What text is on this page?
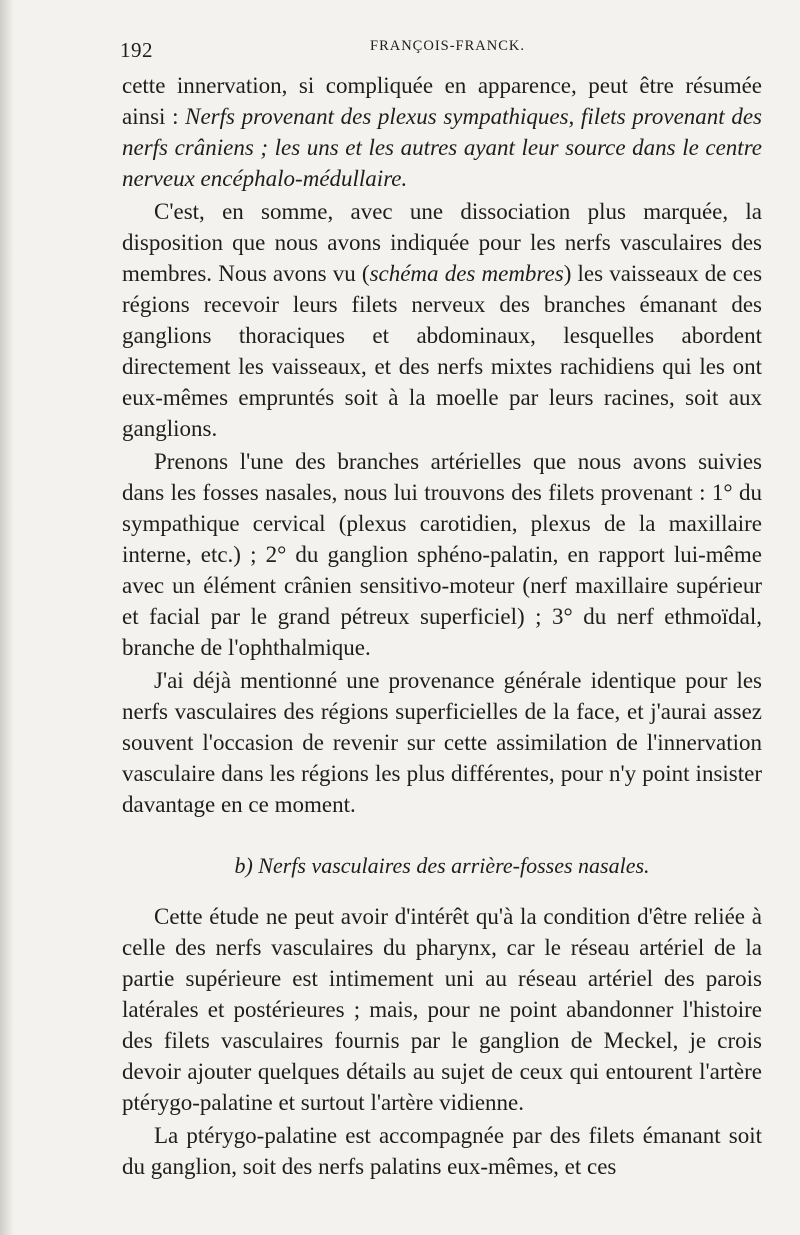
192	FRANÇOIS-FRANCK.

cette innervation, si compliquée en apparence, peut être résumée ainsi : Nerfs provenant des plexus sympathiques, filets provenant des nerfs crâniens ; les uns et les autres ayant leur source dans le centre nerveux encéphalo-médullaire.

C'est, en somme, avec une dissociation plus marquée, la disposition que nous avons indiquée pour les nerfs vasculaires des membres. Nous avons vu (schéma des membres) les vaisseaux de ces régions recevoir leurs filets nerveux des branches émanant des ganglions thoraciques et abdominaux, lesquelles abordent directement les vaisseaux, et des nerfs mixtes rachidiens qui les ont eux-mêmes empruntés soit à la moelle par leurs racines, soit aux ganglions.

Prenons l'une des branches artérielles que nous avons suivies dans les fosses nasales, nous lui trouvons des filets provenant : 1° du sympathique cervical (plexus carotidien, plexus de la maxillaire interne, etc.) ; 2° du ganglion sphéno-palatin, en rapport lui-même avec un élément crânien sensitivo-moteur (nerf maxillaire supérieur et facial par le grand pétreux superficiel) ; 3° du nerf ethmoïdal, branche de l'ophthalmique.

J'ai déjà mentionné une provenance générale identique pour les nerfs vasculaires des régions superficielles de la face, et j'aurai assez souvent l'occasion de revenir sur cette assimilation de l'innervation vasculaire dans les régions les plus différentes, pour n'y point insister davantage en ce moment.

b) Nerfs vasculaires des arrière-fosses nasales.

Cette étude ne peut avoir d'intérêt qu'à la condition d'être reliée à celle des nerfs vasculaires du pharynx, car le réseau artériel de la partie supérieure est intimement uni au réseau artériel des parois latérales et postérieures ; mais, pour ne point abandonner l'histoire des filets vasculaires fournis par le ganglion de Meckel, je crois devoir ajouter quelques détails au sujet de ceux qui entourent l'artère ptérygo-palatine et surtout l'artère vidienne.

La ptérygo-palatine est accompagnée par des filets émanant soit du ganglion, soit des nerfs palatins eux-mêmes, et ces
